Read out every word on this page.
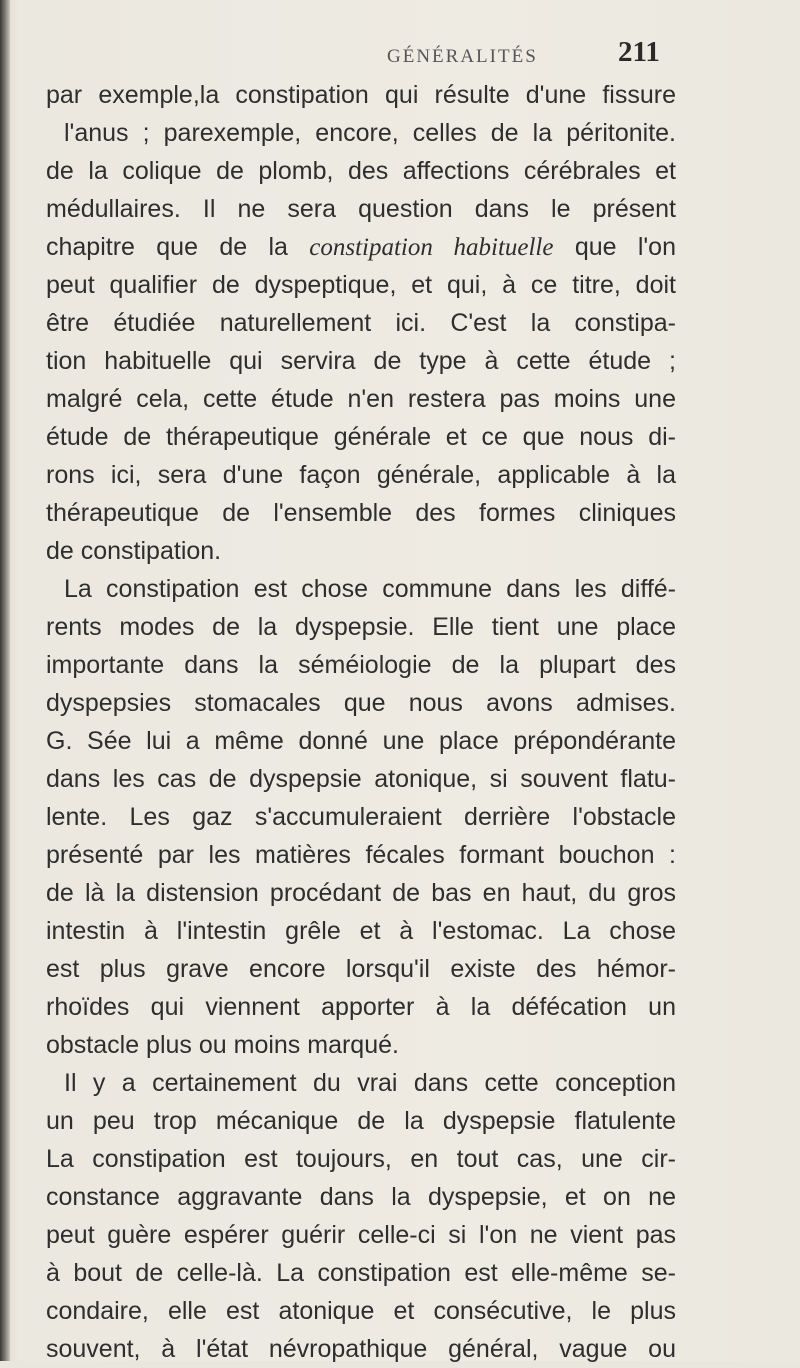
GÉNÉRALITÉS	211
par exemple,la constipation qui résulte d'une fissure
l'anus ; parexemple, encore, celles de la péritonite.
de la colique de plomb, des affections cérébrales et
médullaires. Il ne sera question dans le présent
chapitre que de la constipation habituelle que l'on
peut qualifier de dyspeptique, et qui, à ce titre, doit
être étudiée naturellement ici. C'est la constipa-
tion habituelle qui servira de type à cette étude ;
malgré cela, cette étude n'en restera pas moins une
étude de thérapeutique générale et ce que nous di-
rons ici, sera d'une façon générale, applicable à la
thérapeutique de l'ensemble des formes cliniques
de constipation.
La constipation est chose commune dans les diffé-
rents modes de la dyspepsie. Elle tient une place
importante dans la séméiologie de la plupart des
dyspepsies stomacales que nous avons admises.
G. Sée lui a même donné une place prépondérante
dans les cas de dyspepsie atonique, si souvent flatu-
lente. Les gaz s'accumuleraient derrière l'obstacle
présenté par les matières fécales formant bouchon :
de là la distension procédant de bas en haut, du gros
intestin à l'intestin grêle et à l'estomac. La chose
est plus grave encore lorsqu'il existe des hémor-
rhoïdes qui viennent apporter à la défécation un
obstacle plus ou moins marqué.
Il y a certainement du vrai dans cette conception
un peu trop mécanique de la dyspepsie flatulente
La constipation est toujours, en tout cas, une cir-
constance aggravante dans la dyspepsie, et on ne
peut guère espérer guérir celle-ci si l'on ne vient pas
à bout de celle-là. La constipation est elle-même se-
condaire, elle est atonique et consécutive, le plus
souvent, à l'état névropathique général, vague ou
